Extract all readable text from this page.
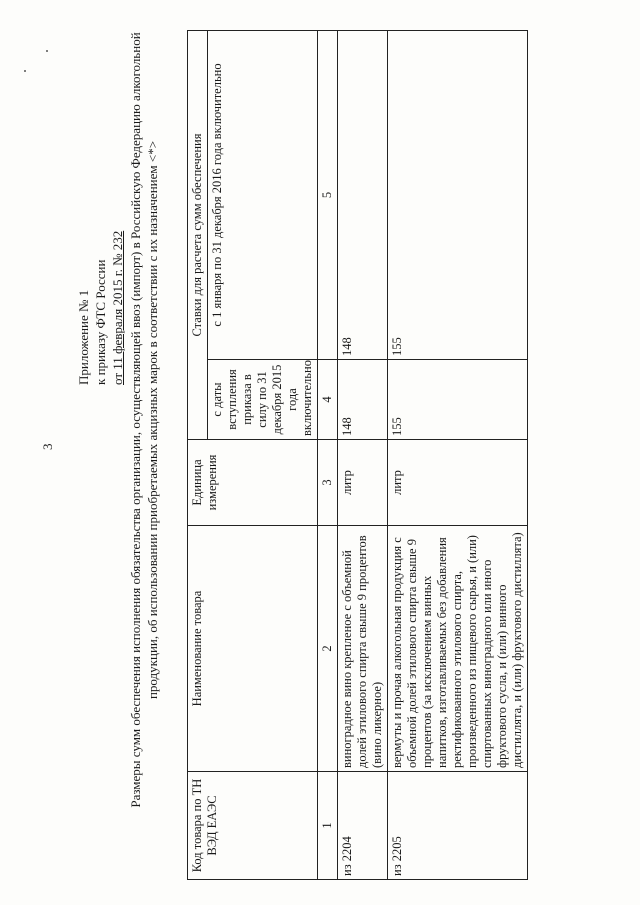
3
Приложение № 1 к приказу ФТС России от 11 февраля 2015 г. № 232 Размеры сумм обеспечения исполнения обязательства организации, осуществляющей ввоз (импорт) в Российскую Федерацию алкогольной продукции, об использовании приобретаемых акцизных марок в соответствии с их назначением <*>
Код товара по ТН ВЭД ЕАЭС	Наименование товара	Единица измерения	Ставки для расчета сумм обеспечения	
			с даты вступления приказа в силу по 31 декабря 2015 года включительно	с 1 января по 31 декабря 2016 года включительно
1	2	3	4	5
из 2204	виноградное вино крепленое с объемной долей этилового спирта свыше 9 процентов (вино ликерное)	литр	148	148
из 2205	вермуты и прочая алкогольная продукция с объемной долей этилового спирта свыше 9 процентов (за исключением винных напитков, изготавливаемых без добавления ректификованного этилового спирта, произведенного из пищевого сырья, и (или) спиртованных виноградного или иного фруктового сусла, и (или) винного дистиллята, и (или) фруктового дистиллята)	литр	155	155
